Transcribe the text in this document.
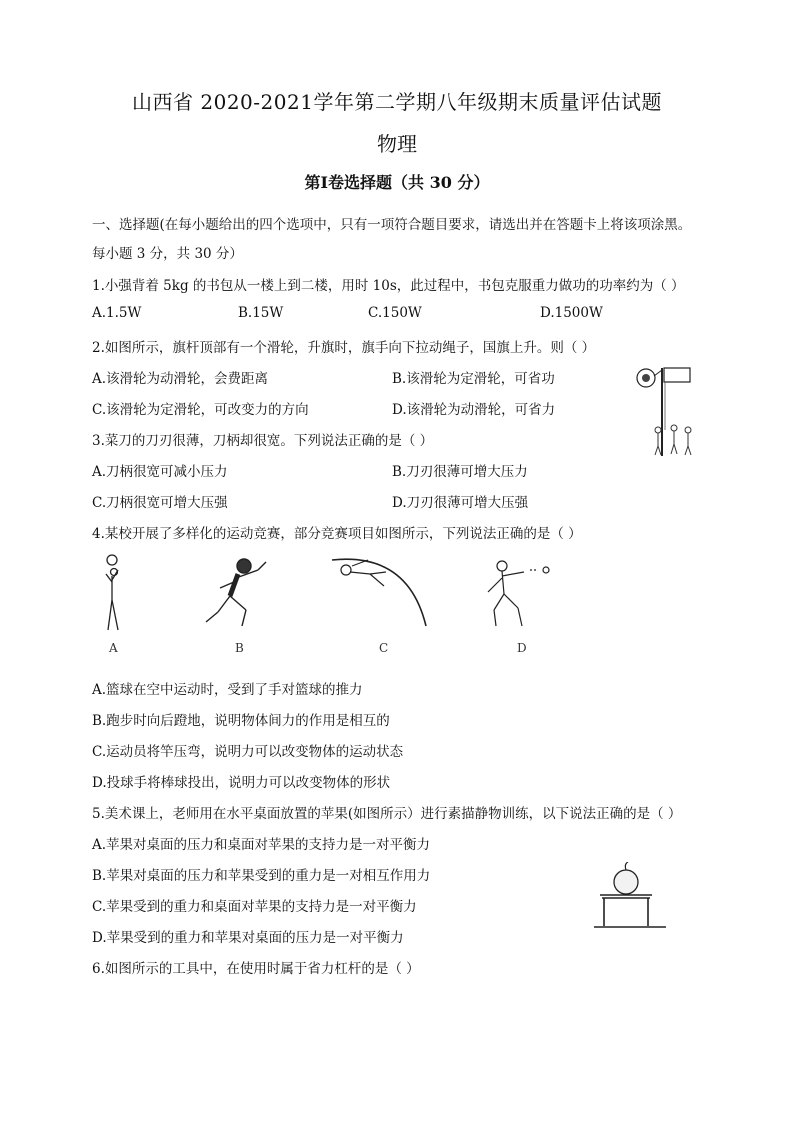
山西省 2020-2021学年第二学期八年级期末质量评估试题
物理
第Ⅰ卷选择题（共 30 分）
一、选择题(在每小题给出的四个选项中，只有一项符合题目要求，请选出并在答题卡上将该项涂黑。
每小题 3 分，共 30 分）
1.小强背着 5kg 的书包从一楼上到二楼，用时 10s，此过程中，书包克服重力做功的功率约为（ ）
A.1.5W	B.15W	C.150W	D.1500W
2.如图所示，旗杆顶部有一个滑轮，升旗时，旗手向下拉动绳子，国旗上升。则（ ）
A.该滑轮为动滑轮，会费距离	B.该滑轮为定滑轮，可省功
C.该滑轮为定滑轮，可改变力的方向	D.该滑轮为动滑轮，可省力
3.菜刀的刀刃很薄，刀柄却很宽。下列说法正确的是（ ）
A.刀柄很宽可减小压力	B.刀刃很薄可增大压力
C.刀柄很宽可增大压强	D.刀刃很薄可增大压强
4.某校开展了多样化的运动竞赛，部分竞赛项目如图所示，下列说法正确的是（ ）
A	B	C	D
A.篮球在空中运动时，受到了手对篮球的推力
B.跑步时向后蹬地，说明物体间力的作用是相互的
C.运动员将竿压弯，说明力可以改变物体的运动状态
D.投球手将棒球投出，说明力可以改变物体的形状
5.美术课上，老师用在水平桌面放置的苹果(如图所示）进行素描静物训练，以下说法正确的是（ ）
A.苹果对桌面的压力和桌面对苹果的支持力是一对平衡力
B.苹果对桌面的压力和苹果受到的重力是一对相互作用力
C.苹果受到的重力和桌面对苹果的支持力是一对平衡力
D.苹果受到的重力和苹果对桌面的压力是一对平衡力
6.如图所示的工具中，在使用时属于省力杠杆的是（ ）
